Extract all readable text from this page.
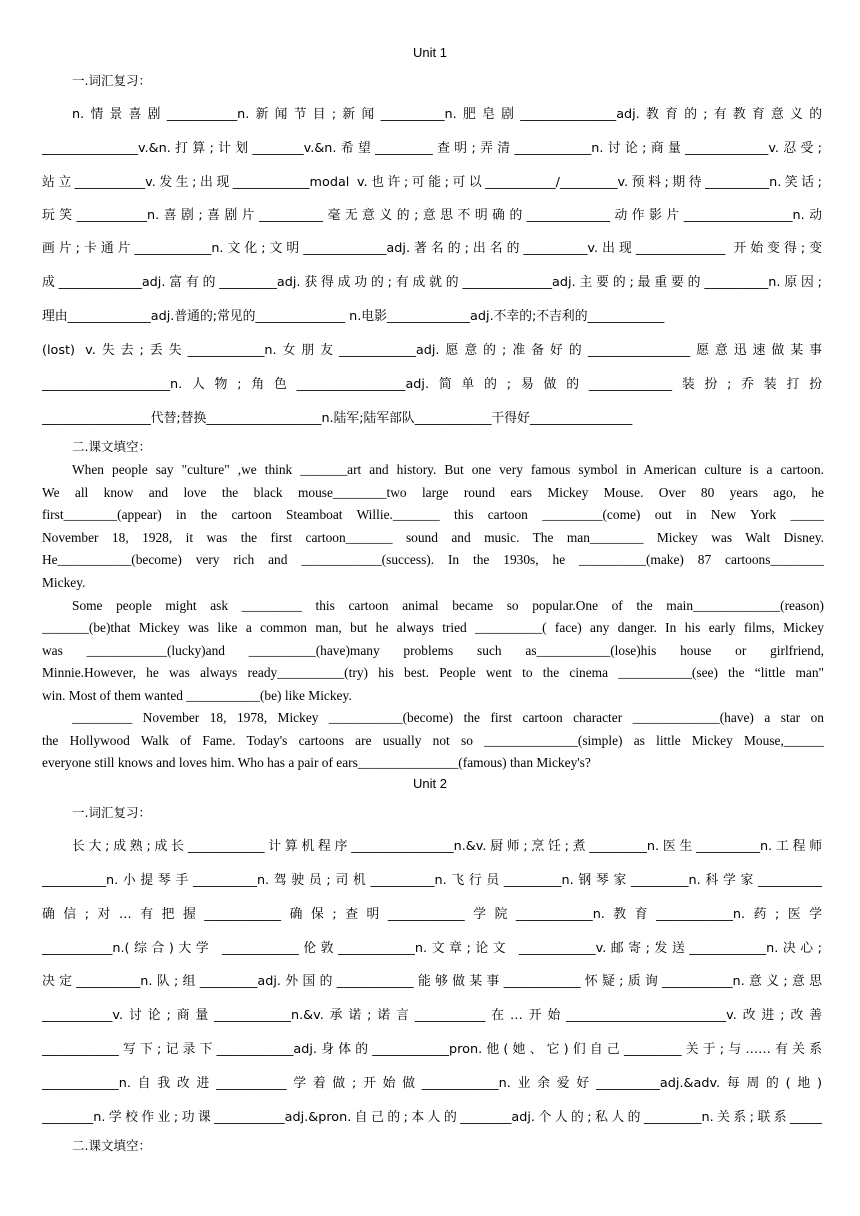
Unit 1
一.词汇复习：
n.情景喜剧___________n.新闻节目;新闻__________n.肥皂剧_______________adj.教育的;有教育意义的
_______________v.&n.打算;计划________v.&n.希望_________查明;弄清____________n.讨论;商量_____________v.忍受;
站立___________v.发生;出现____________modal v.也许;可能;可以___________/_________v.预料;期待__________n.笑话;
玩笑___________n.喜剧;喜剧片__________毫无意义的;意思不明确的_____________动作影片_________________n.动
画片;卡通片____________n.文化;文明_____________adj.著名的;出名的__________v.出现______________ 开始变得;变
成_____________adj.富有的_________adj.获得成功的;有成就的______________adj.主要的;最重要的__________n.原因;
理由_____________adj.普通的;常见的______________ n.电影_____________adj.不幸的;不吉利的____________
(lost) v.失去;丢失____________n.女朋友____________adj.愿意的;准备好的________________愿意迅速做某事
____________________n.人物;角色_________________adj.简单的;易做的_____________装扮;乔装打扮
_________________代替;替换__________________n.陆军;陆军部队____________干得好________________
二.课文填空：
When people say "culture" ,we think _______art and history. But one very famous symbol in American culture is a cartoon.
We all know and love the black mouse________two large round ears Mickey Mouse. Over 80 years ago, he
first________(appear) in the cartoon Steamboat Willie._______ this cartoon _________(come) out in New York _____
November 18, 1928, it was the first cartoon_______ sound and music. The man________ Mickey was Walt Disney.
He___________(become) very rich and ____________(success). In the 1930s, he __________(make) 87 cartoons________
Mickey.
Some people might ask _________ this cartoon animal became so popular.One of the main_____________(reason)
_______(be)that Mickey was like a common man, but he always tried __________( face) any danger. In his early films, Mickey
was ____________(lucky)and __________(have)many problems such as___________(lose)his house or girlfriend,
Minnie.However, he was always ready__________(try) his best. People went to the cinema ___________(see) the “little man"
win. Most of them wanted ___________(be) like Mickey.
_________ November 18, 1978, Mickey ___________(become) the first cartoon character _____________(have) a star on
the Hollywood Walk of Fame. Today's cartoons are usually not so ______________(simple) as little Mickey Mouse,______
everyone still knows and loves him. Who has a pair of ears_______________(famous) than Mickey's?
Unit 2
一.词汇复习：
长大;成熟;成长____________计算机程序________________n.&v.厨师;烹饪;煮_________n.医生__________n.工程师
__________n.小提琴手__________n.驾驶员;司机__________n.飞行员_________n.钢琴家_________n.科学家__________
确信;对…有把握____________确保;查明____________学院____________n.教育____________n.药;医学
___________n.(综合)大学 ____________伦敦____________n.文章;论文 ____________v.邮寄;发送____________n.决心;
决定__________n.队;组_________adj.外国的____________能够做某事____________怀疑;质询___________n.意义;意思
___________v.讨论;商量____________n.&v.承诺;诺言___________在…开始_________________________v.改进;改善
____________写下;记录下____________adj.身体的____________pron.他(她、它)们自己_________关于;与……有关系
____________n.自我改进___________学着做;开始做____________n.业余爱好__________adj.&adv.每周的(地)
________n.学校作业;功课___________adj.&pron.自己的;本人的________adj.个人的;私人的_________n.关系;联系_____
二.课文填空：
